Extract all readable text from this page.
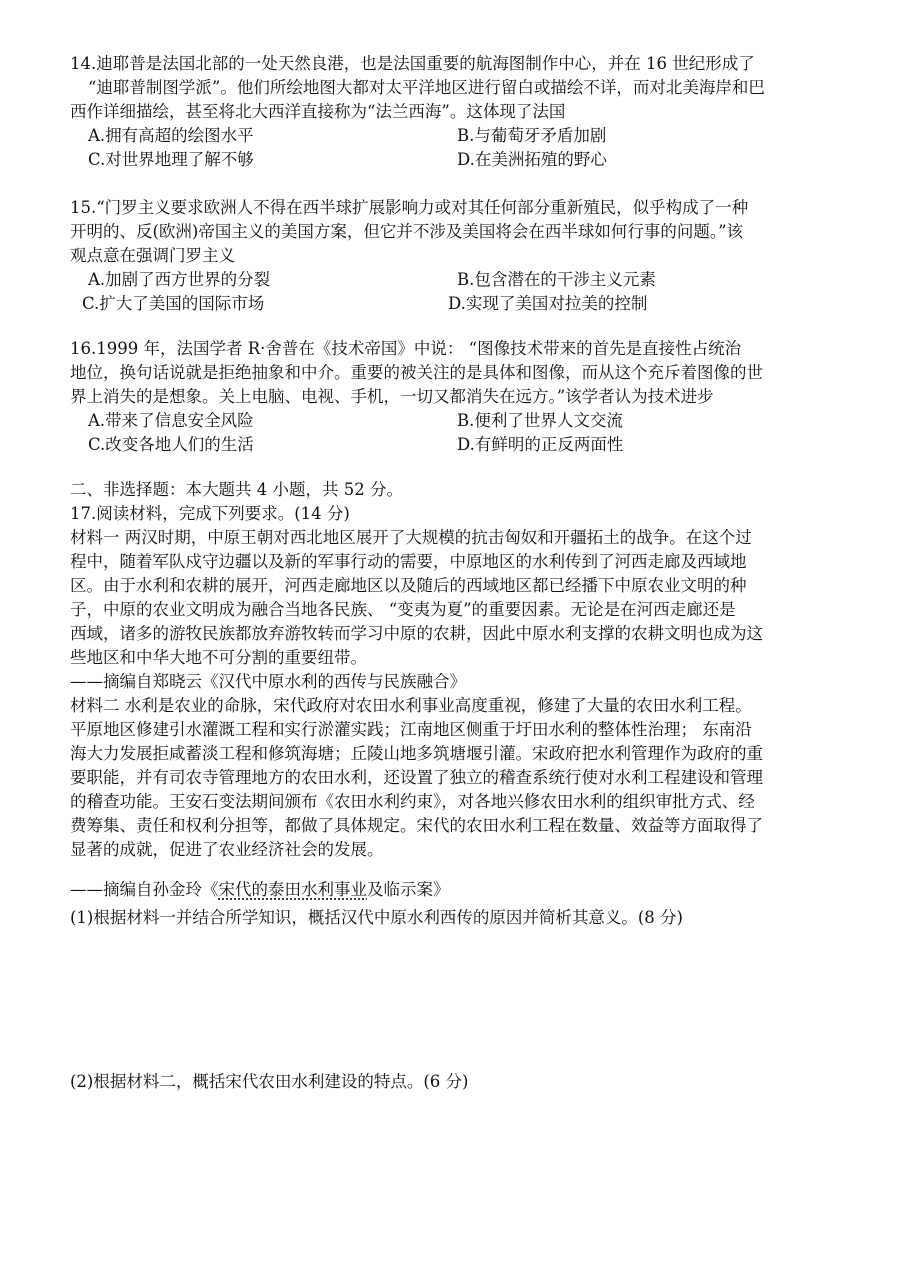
14.迪耶普是法国北部的一处天然良港，也是法国重要的航海图制作中心，并在 16 世纪形成了

“迪耶普制图学派”。他们所绘地图大都对太平洋地区进行留白或描绘不详，而对北美海岸和巴

西作详细描绘，甚至将北大西洋直接称为“法兰西海”。这体现了法国

A.拥有高超的绘图水平	B.与葡萄牙矛盾加剧
C.对世界地理了解不够	D.在美洲拓殖的野心

15.“门罗主义要求欧洲人不得在西半球扩展影响力或对其任何部分重新殖民，似乎构成了一种

开明的、反(欧洲)帝国主义的美国方案，但它并不涉及美国将会在西半球如何行事的问题。”该

观点意在强调门罗主义

A.加剧了西方世界的分裂	B.包含潜在的干涉主义元素
C.扩大了美国的国际市场	D.实现了美国对拉美的控制

16.1999 年，法国学者 R·舍普在《技术帝国》中说： “图像技术带来的首先是直接性占统治

地位，换句话说就是拒绝抽象和中介。重要的被关注的是具体和图像，而从这个充斥着图像的世

界上消失的是想象。关上电脑、电视、手机，一切又都消失在远方。”该学者认为技术进步

A.带来了信息安全风险	B.便利了世界人文交流
C.改变各地人们的生活	D.有鲜明的正反两面性

二、非选择题：本大题共 4 小题，共 52 分。

17.阅读材料，完成下列要求。(14 分)

材料一 两汉时期，中原王朝对西北地区展开了大规模的抗击匈奴和开疆拓土的战争。在这个过

程中，随着军队戍守边疆以及新的军事行动的需要，中原地区的水利传到了河西走廊及西域地

区。由于水利和农耕的展开，河西走廊地区以及随后的西域地区都已经播下中原农业文明的种

子，中原的农业文明成为融合当地各民族、 “变夷为夏”的重要因素。无论是在河西走廊还是

西域，诸多的游牧民族都放弃游牧转而学习中原的农耕，因此中原水利支撑的农耕文明也成为这

些地区和中华大地不可分割的重要纽带。

——摘编自郑晓云《汉代中原水利的西传与民族融合》

材料二 水利是农业的命脉，宋代政府对农田水利事业高度重视，修建了大量的农田水利工程。

平原地区修建引水灌溉工程和实行淤灌实践；江南地区侧重于圩田水利的整体性治理； 东南沿

海大力发展拒咸蓄淡工程和修筑海塘；丘陵山地多筑塘堰引灌。宋政府把水利管理作为政府的重

要职能，并有司农寺管理地方的农田水利，还设置了独立的稽查系统行使对水利工程建设和管理

的稽查功能。王安石变法期间颁布《农田水利约束》，对各地兴修农田水利的组织审批方式、经

费筹集、责任和权利分担等，都做了具体规定。宋代的农田水利工程在数量、效益等方面取得了

显著的成就，促进了农业经济社会的发展。

——摘编自孙金玲《宋代的泰田水利事业及临示案》

(1)根据材料一并结合所学知识，概括汉代中原水利西传的原因并简析其意义。(8 分)

(2)根据材料二，概括宋代农田水利建设的特点。(6 分)
